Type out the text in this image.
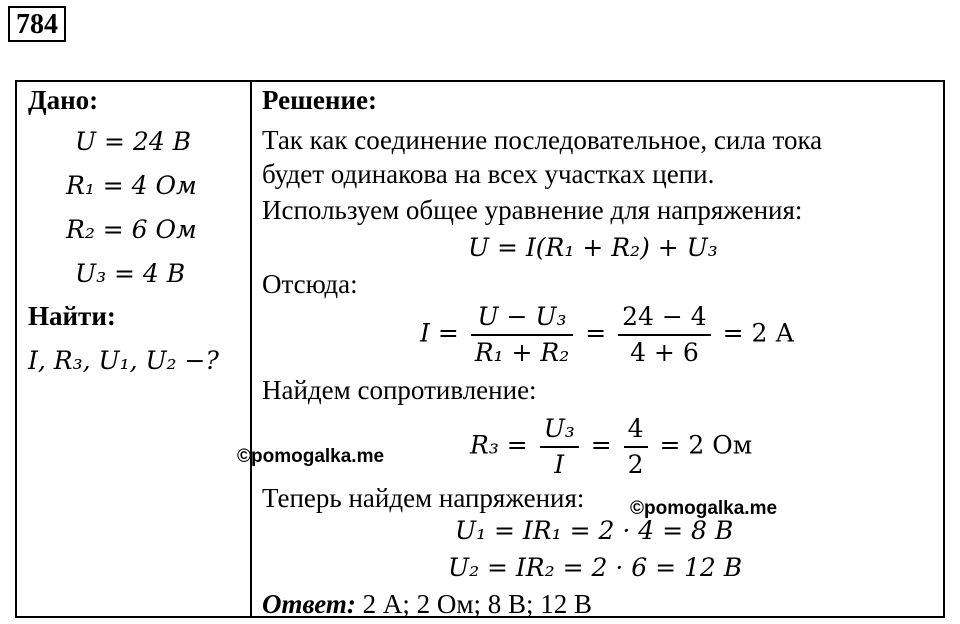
784
Дано:
U = 24 В
R₁ = 4 Ом
R₂ = 6 Ом
U₃ = 4 В
Найти:
I, R₃, U₁, U₂ −?
Решение:
Так как соединение последовательное, сила тока
будет одинакова на всех участках цепи.
Используем общее уравнение для напряжения:
U = I(R₁ + R₂) + U₃
Отсюда:
$I = \frac{\text{U − U₃}}{\text{R₁ + R₂}} = \frac{24 - 4}{4 + 6} = 2$ А
Найдем сопротивление:
$R_3 = \frac{\text{U₃}}{I} = \frac{4}{2} = 2$ Ом
Теперь найдем напряжения:
U₁ = IR₁ = 2 · 4 = 8 В
U₂ = IR₂ = 2 · 6 = 12 В
Ответ: 2 А; 2 Ом; 8 В; 12 В
©pomogalka.me
©pomogalka.me
